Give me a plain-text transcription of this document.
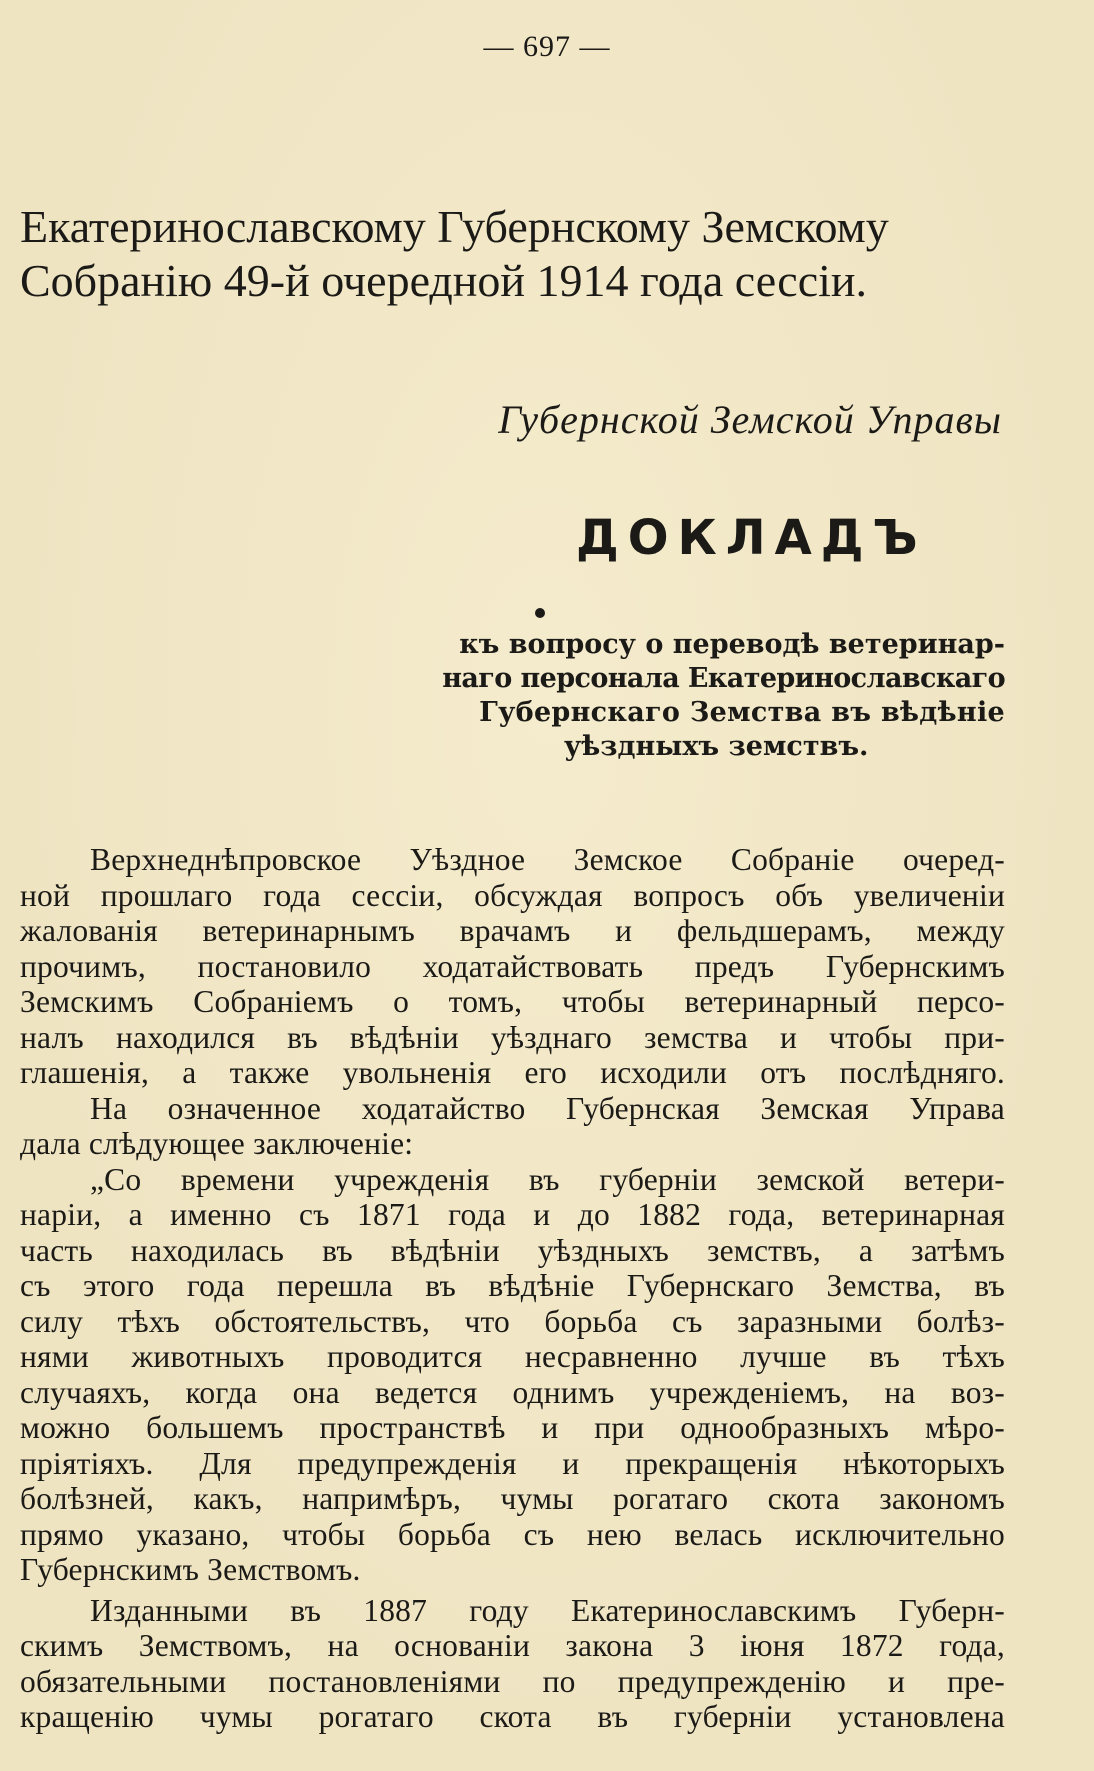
— 697 —
Екатеринославскому Губернскому Земскому
Собранію 49-й очередной 1914 года сессіи.
Губернской Земской Управы
ДОКЛАДЪ
къ вопросу о переводѣ ветеринар-
наго персонала Екатеринославскаго
Губернскаго Земства въ вѣдѣніе
уѣздныхъ земствъ.

Верхнеднѣпровское Уѣздное Земское Собраніе очеред-
ной прошлаго года сессіи, обсуждая вопросъ объ увеличеніи
жалованія ветеринарнымъ врачамъ и фельдшерамъ, между
прочимъ, постановило ходатайствовать предъ Губернскимъ
Земскимъ Собраніемъ о томъ, чтобы ветеринарный персо-
налъ находился въ вѣдѣніи уѣзднаго земства и чтобы при-
глашенія, а также увольненія его исходили отъ послѣдняго.

На означенное ходатайство Губернская Земская Управа
дала слѣдующее заключеніе:

„Со времени учрежденія въ губерніи земской ветери-
наріи, а именно съ 1871 года и до 1882 года, ветеринарная
часть находилась въ вѣдѣніи уѣздныхъ земствъ, а затѣмъ
съ этого года перешла въ вѣдѣніе Губернскаго Земства, въ
силу тѣхъ обстоятельствъ, что борьба съ заразными болѣз-
нями животныхъ проводится несравненно лучше въ тѣхъ
случаяхъ, когда она ведется однимъ учрежденіемъ, на воз-
можно большемъ пространствѣ и при однообразныхъ мѣро-
пріятіяхъ. Для предупрежденія и прекращенія нѣкоторыхъ
болѣзней, какъ, напримѣръ, чумы рогатаго скота закономъ
прямо указано, чтобы борьба съ нею велась исключительно
Губернскимъ Земствомъ.

Изданными въ 1887 году Екатеринославскимъ Губерн-
скимъ Земствомъ, на основаніи закона 3 іюня 1872 года,
обязательными постановленіями по предупрежденію и пре-
кращенію чумы рогатаго скота въ губерніи установлена
